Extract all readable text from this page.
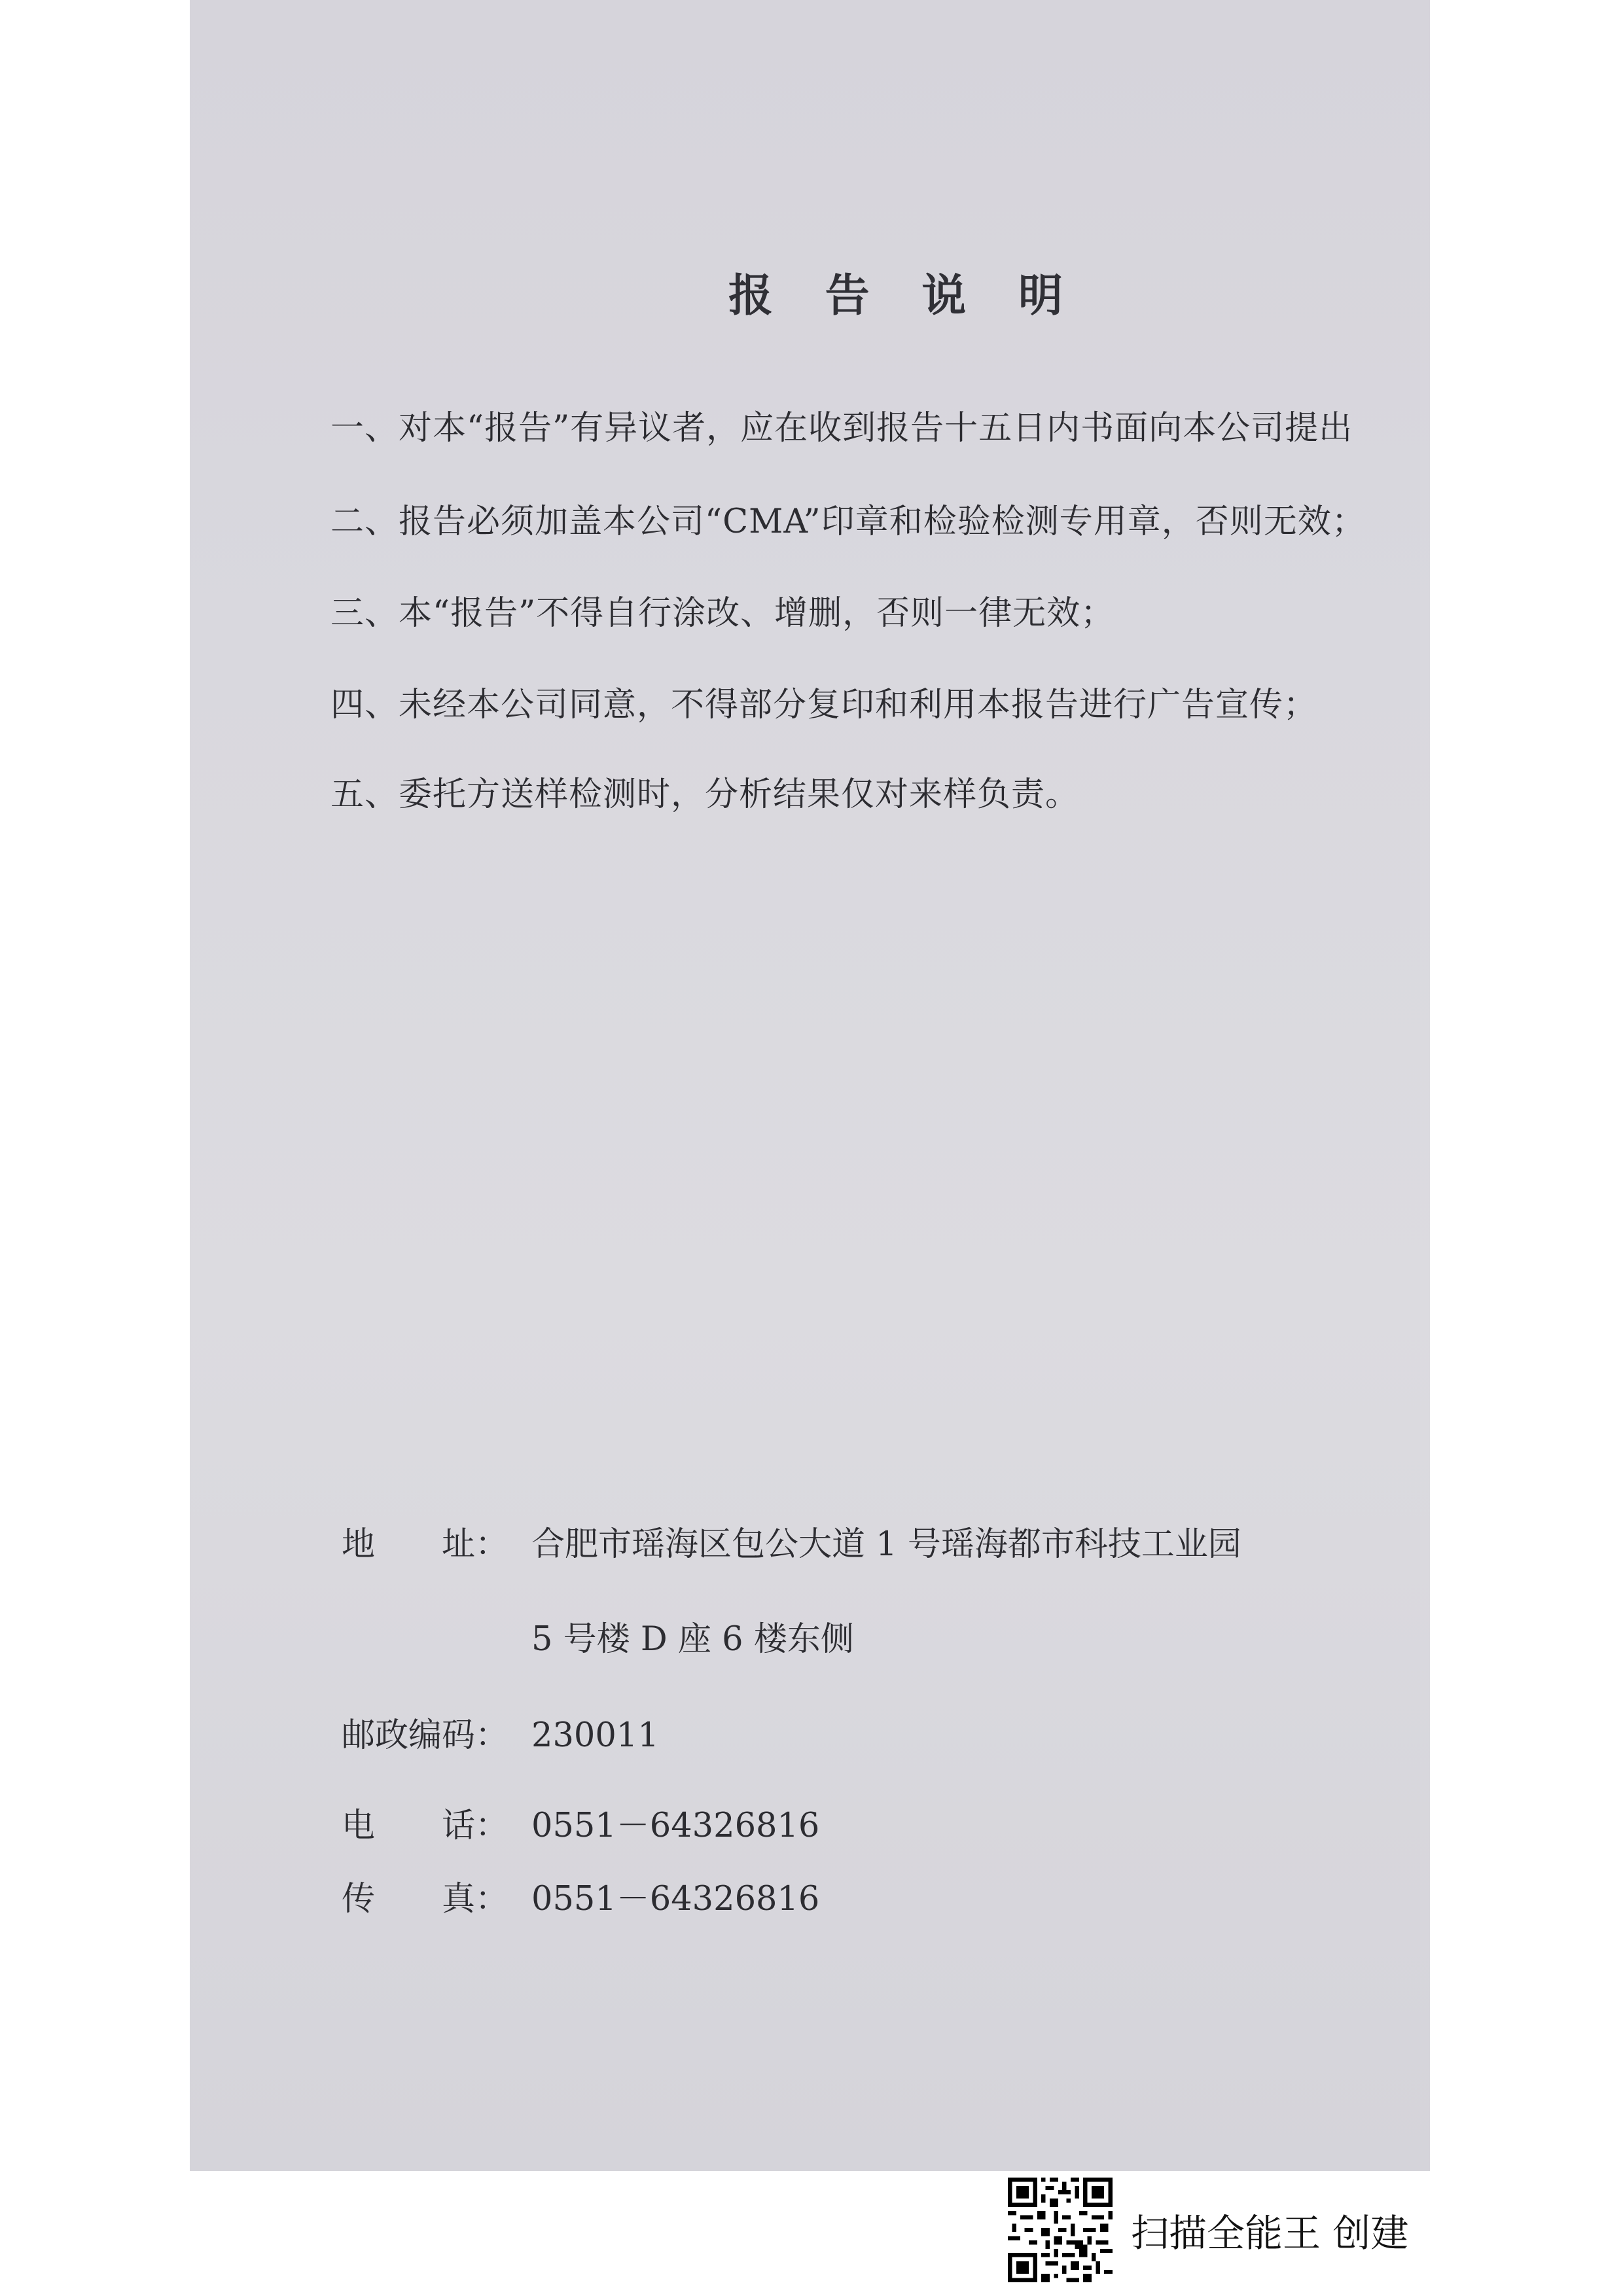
报 告 说 明
一、对本“报告”有异议者，应在收到报告十五日内书面向本公司提出
二、报告必须加盖本公司“CMA”印章和检验检测专用章，否则无效；
三、本“报告”不得自行涂改、增删，否则一律无效；
四、未经本公司同意，不得部分复印和利用本报告进行广告宣传；
五、委托方送样检测时，分析结果仅对来样负责。
地　　址： 合肥市瑶海区包公大道 1 号瑶海都市科技工业园
5 号楼 D 座 6 楼东侧
邮政编码： 230011
电　　话： 0551－64326816
传　　真： 0551－64326816
扫描全能王 创建
